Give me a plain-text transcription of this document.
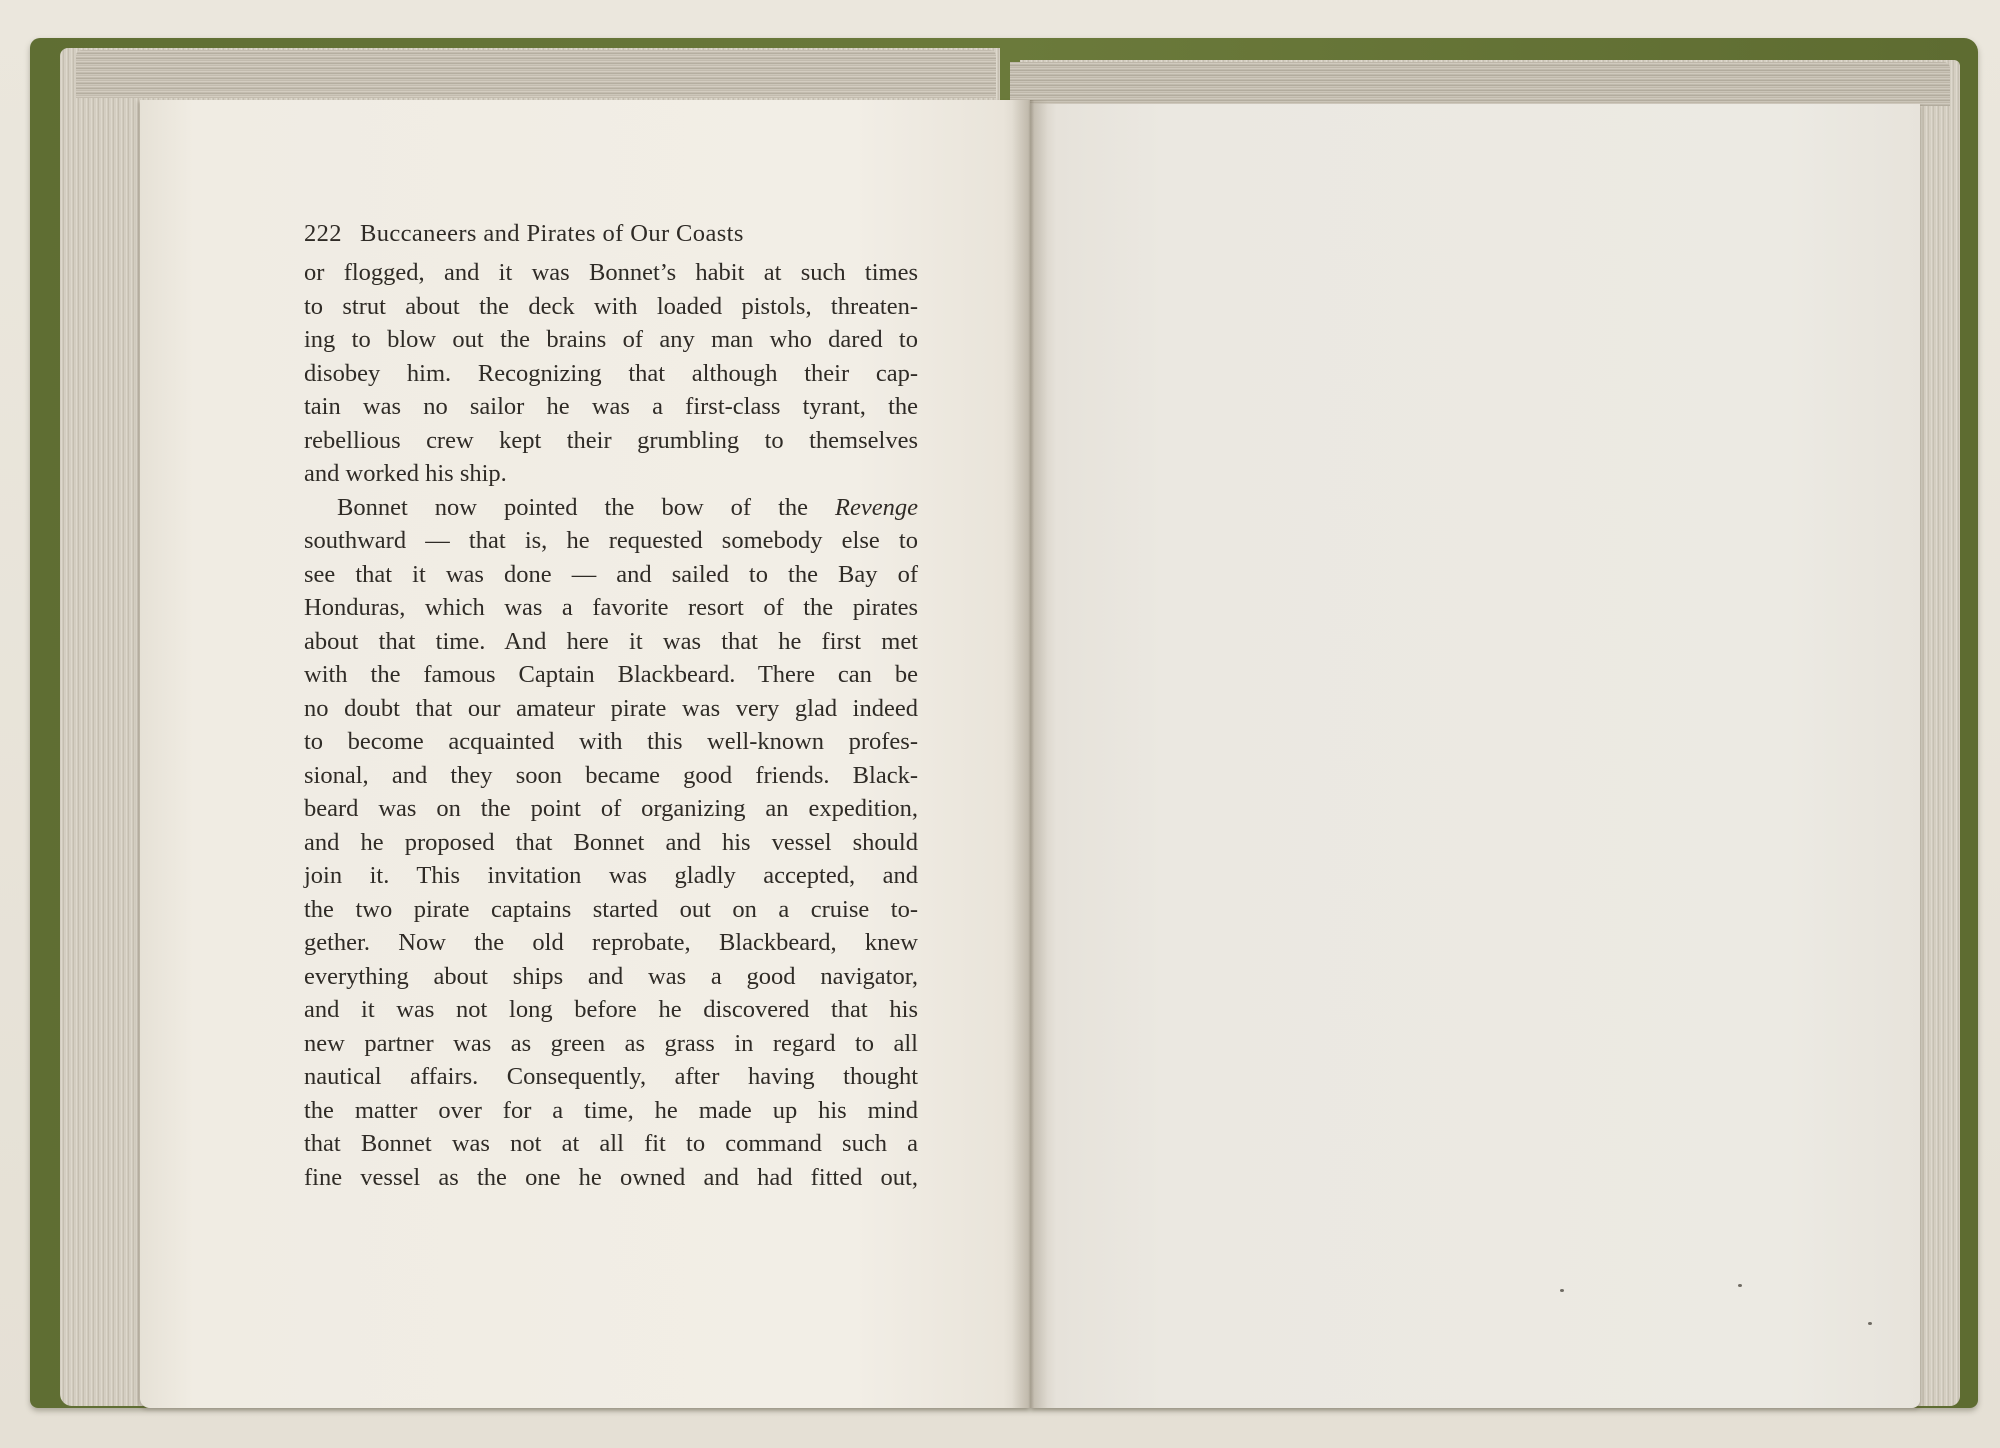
222 Buccaneers and Pirates of Our Coasts
or flogged, and it was Bonnet’s habit at such times
to strut about the deck with loaded pistols, threaten-
ing to blow out the brains of any man who dared to
disobey him. Recognizing that although their cap-
tain was no sailor he was a first-class tyrant, the
rebellious crew kept their grumbling to themselves
and worked his ship.
Bonnet now pointed the bow of the Revenge
southward — that is, he requested somebody else to
see that it was done — and sailed to the Bay of
Honduras, which was a favorite resort of the pirates
about that time. And here it was that he first met
with the famous Captain Blackbeard. There can be
no doubt that our amateur pirate was very glad indeed
to become acquainted with this well-known profes-
sional, and they soon became good friends. Black-
beard was on the point of organizing an expedition,
and he proposed that Bonnet and his vessel should
join it. This invitation was gladly accepted, and
the two pirate captains started out on a cruise to-
gether. Now the old reprobate, Blackbeard, knew
everything about ships and was a good navigator,
and it was not long before he discovered that his
new partner was as green as grass in regard to all
nautical affairs. Consequently, after having thought
the matter over for a time, he made up his mind
that Bonnet was not at all fit to command such a
fine vessel as the one he owned and had fitted out,
